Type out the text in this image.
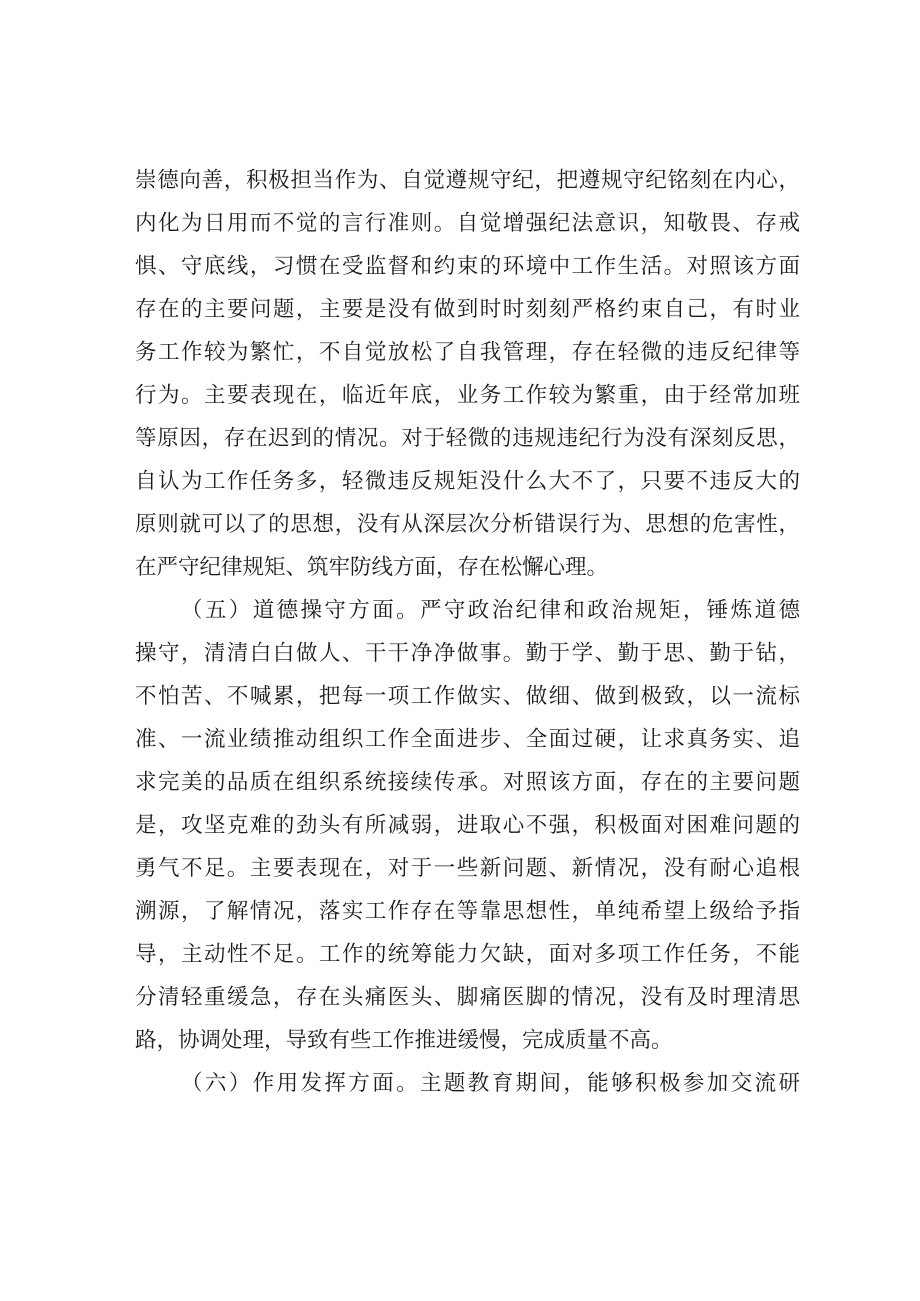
崇德向善，积极担当作为、自觉遵规守纪，把遵规守纪铭刻在内心，
内化为日用而不觉的言行准则。自觉增强纪法意识，知敬畏、存戒
惧、守底线，习惯在受监督和约束的环境中工作生活。对照该方面
存在的主要问题，主要是没有做到时时刻刻严格约束自己，有时业
务工作较为繁忙，不自觉放松了自我管理，存在轻微的违反纪律等
行为。主要表现在，临近年底，业务工作较为繁重，由于经常加班
等原因，存在迟到的情况。对于轻微的违规违纪行为没有深刻反思，
自认为工作任务多，轻微违反规矩没什么大不了，只要不违反大的
原则就可以了的思想，没有从深层次分析错误行为、思想的危害性，
在严守纪律规矩、筑牢防线方面，存在松懈心理。
（五）道德操守方面。严守政治纪律和政治规矩，锤炼道德
操守，清清白白做人、干干净净做事。勤于学、勤于思、勤于钻，
不怕苦、不喊累，把每一项工作做实、做细、做到极致，以一流标
准、一流业绩推动组织工作全面进步、全面过硬，让求真务实、追
求完美的品质在组织系统接续传承。对照该方面，存在的主要问题
是，攻坚克难的劲头有所减弱，进取心不强，积极面对困难问题的
勇气不足。主要表现在，对于一些新问题、新情况，没有耐心追根
溯源，了解情况，落实工作存在等靠思想性，单纯希望上级给予指
导，主动性不足。工作的统筹能力欠缺，面对多项工作任务，不能
分清轻重缓急，存在头痛医头、脚痛医脚的情况，没有及时理清思
路，协调处理，导致有些工作推进缓慢，完成质量不高。
（六）作用发挥方面。主题教育期间，能够积极参加交流研
